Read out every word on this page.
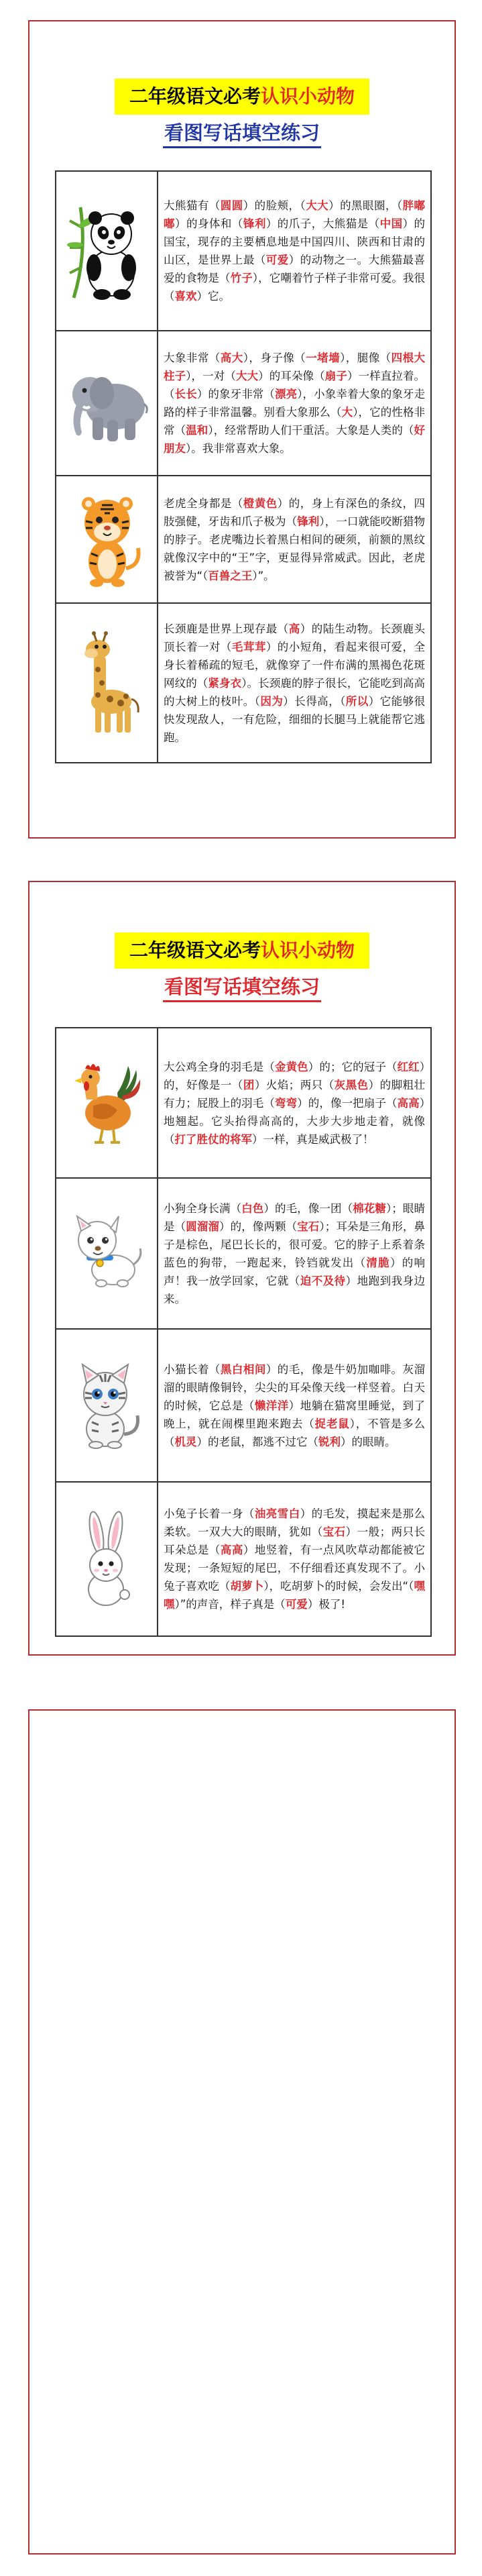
二年级语文必考认识小动物
看图写话填空练习
	大熊猫有（圆圆）的脸颊，（大大）的黑眼圈，（胖嘟嘟）的身体和（锋利）的爪子，大熊猫是（中国）的国宝，现存的主要栖息地是中国四川、陕西和甘肃的山区，是世界上最（可爱）的动物之一。大熊猫最喜爱的食物是（竹子），它嘲着竹子样子非常可爱。我很（喜欢）它。

	大象非常（高大），身子像（一堵墙），腿像（四根大柱子），一对（大大）的耳朵像（扇子）一样直拉着。（长长）的象牙非常（漂亮），小象幸着大象的象牙走路的样子非常温馨。别看大象那么（大），它的性格非常（温和），经常帮助人们干重活。大象是人类的（好朋友）。我非常喜欢大象。

	老虎全身都是（橙黄色）的，身上有深色的条纹，四肢强健，牙齿和爪子极为（锋利），一口就能咬断猎物的脖子。老虎嘴边长着黑白相间的硬须，前额的黑纹就像汉字中的“王”字，更显得异常威武。因此，老虎被誉为“（百兽之王）”。

	长颈鹿是世界上现存最（高）的陆生动物。长颈鹿头顶长着一对（毛茸茸）的小短角，看起来很可爱，全身长着稀疏的短毛，就像穿了一件布满的黑褐色花斑网纹的（紧身衣）。长颈鹿的脖子很长，它能吃到高高的大树上的枝叶。（因为）长得高，（所以）它能够很快发现敌人，一有危险，细细的长腿马上就能帮它逃跑。
二年级语文必考认识小动物
看图写话填空练习
	大公鸡全身的羽毛是（金黄色）的；它的冠子（红红）的，好像是一（团）火焰；两只（灰黑色）的脚粗壮有力；屁股上的羽毛（弯弯）的，像一把扇子（高高）地翘起。它头抬得高高的，大步大步地走着，就像（打了胜仗的将军）一样，真是威武极了！

	小狗全身长满（白色）的毛，像一团（棉花糖）；眼睛是（圆溜溜）的，像两颗（宝石）；耳朵是三角形，鼻子是棕色，尾巴长长的，很可爱。它的脖子上系着条蓝色的狗带，一跑起来，铃铛就发出（清脆）的响声！我一放学回家，它就（迫不及待）地跑到我身边来。

	小猫长着（黑白相间）的毛，像是牛奶加咖啡。灰溜溜的眼睛像铜铃，尖尖的耳朵像天线一样竖着。白天的时候，它总是（懒洋洋）地躺在猫窝里睡觉，到了晚上，就在闹棵里跑来跑去（捉老鼠），不管是多么（机灵）的老鼠，都逃不过它（锐利）的眼睛。

	小兔子长着一身（油亮雪白）的毛发，摸起来是那么柔软。一双大大的眼睛，犹如（宝石）一般；两只长耳朵总是（高高）地竖着，有一点风吹草动都能被它发现；一条短短的尾巴，不仔细看还真发现不了。小兔子喜欢吃（胡萝卜），吃胡萝卜的时候，会发出“（嘿嘿）”的声音，样子真是（可爱）极了!
